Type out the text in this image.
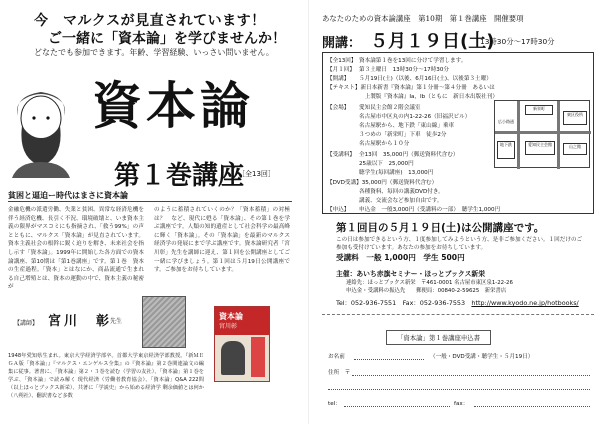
今　マルクスが見直されています！
ご一緒に「資本論」を学びませんか！
どなたでも参加できます。年齢、学習経験、いっさい問いません。
資本論
第１巻講座
［全13回］
貧困と逼迫ー時代はまさに資本論
金融危機の派遣労働、失業と貧困、異常な経済危機を伴う経済危機、長引く不況、環境破壊と、いま資本主義の限界がマスコミにも指摘され、「救う99%」の声とともに、マルクス「資本論」が見直されています。資本主義社会の根幹に鋭く迫りを解き、未来社会を指し示す「資本論」。1999年に開始した各方面での資本論講座、第10期は「第1巻講座」です。第１巻　資本の生産過程。「資本」とはなにか、商品流通で生まれる自己増殖とは、資本の運動の中で、資本主義の秘密が
のように蓄積されていくのか？「資本蓄積」の対極は？　など、現代に甦る「資本論」、その第１巻を学ぶ講座です。人類の知的遺産として社会科学の最高峰に輝く「資本論」。その「資本論」を最新のマルクス経済学の発展にまで学ぶ講座です。資本論研究者「宮川彰」先生を講師に迎え、第１回を公開講座としてご一緒に学びましょう。第１回は５月19日公開講座です。ご参加をお待ちしています。
【講師】 宮川　彰
先生
1948年愛知県生まれ。東京大学経済学部卒。首都大学東京経済学部教授。『新ＭＥＧＡ版「資本論」』『マルクス・エンゲルス全集』の『資本論』第２巻関連論文の編集に従事。著書に、「資本論」第２・３巻を読む（学習の友社）、「資本論」第１巻を学ぶ、「資本論」で読み解く 現代経済（労働者教育協会）、「資本論」Q&A 222問（以上ほっとブックス新栄）、共著に「学説史」から始める経済学 剰余価値とは何か（八朔社）、翻訳書など多数
資本論
宮川彰
あなたのための資本論講座　第10期　第１巻講座　開催要項
開講： ５月１９日(土)
13時30分～17時30分
【全13回】 資本論第１巻を13回に分けて学習します。
【月１回】 第３土曜日　13時30分～17時30分
【開講】 ５月19日(土)（以後、6月16日(土)、以後第３土曜）
【テキスト】新日本新書『資本論』第１分冊～第４分冊　あるいは
　上製版『資本論』Ⅰa，Ⅰb（ともに　新日本出版社刊）
【会場】 愛知民主会館２階会議室
名古屋市中区丸の内1-22-26（旧福沢ビル）
名古屋駅から、地下鉄「東山線」乗車
３つめの「新栄町」下車　徒歩2分
名古屋駅から１０分
【受講料】 全13回　35,000円（郵送資料代含む）
25歳以下　25,000円
聴学生(毎回講座)　13,000円
【DVD受講】35,000円（郵送資料代含む）
各種資料、毎回の講義DVD付き。
講義、交流会など参加自由です。
【申込】 申込金　一般3,000円（受講料の一部）　聴学生1,000円
新栄町
東区役所
愛知民主会館
地下鉄	山之館
広小路通
第１回目の５月１９日(土)は公開講座です。
この日は参加できるという方、１度参加してみようという方、是非ご参加ください。１回だけのご参加も受付けています。あなたの参加をお待ちしています。
受講料　一般 1,000円　学生 500円
主催：あいち赤旗セミナー・ほっとブックス新栄
連絡先：ほっとブックス新栄　〒461-0001 名古屋市東区泉1-22-26
申込金・受講料の振込先　　郵便局：00840-2-59625　新栄書店
Tel：052-936-7551　Fax：052-936-7553　 http://www.kyodo.ne.jp/hotbooks/
「資本論」第１巻講座申込書
お名前	（一般・DVD受講・聴学生・５月19日）
住所　〒
tel：	fax：
